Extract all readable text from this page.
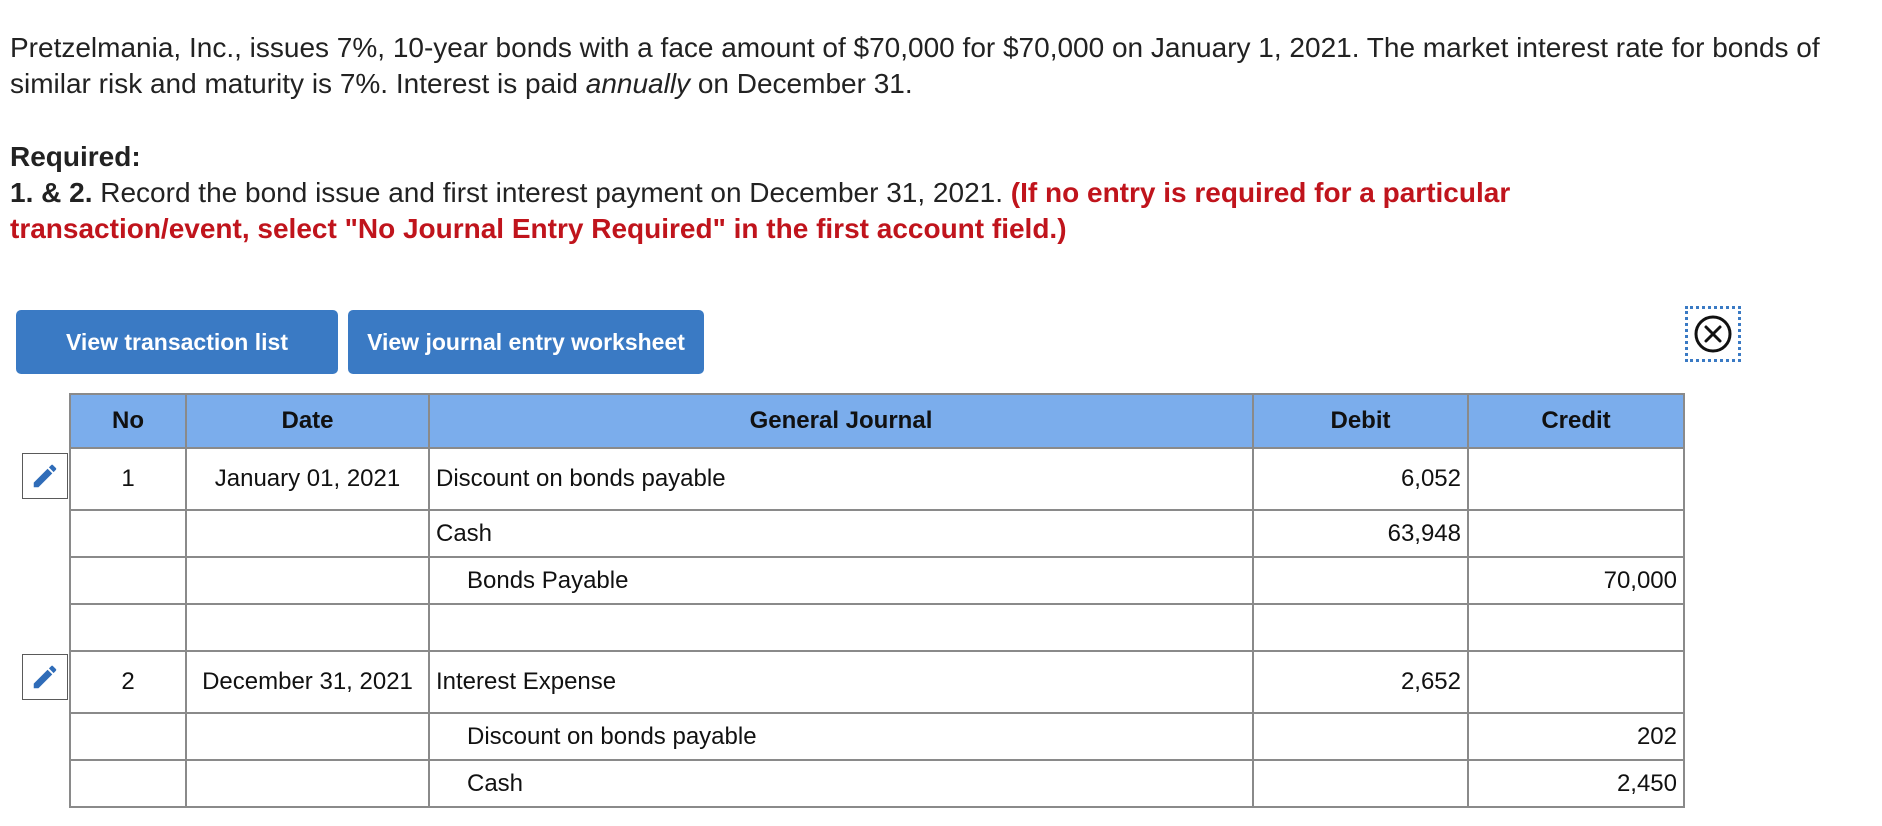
Pretzelmania, Inc., issues 7%, 10-year bonds with a face amount of $70,000 for $70,000 on January 1, 2021. The market interest rate for bonds of similar risk and maturity is 7%. Interest is paid annually on December 31.

Required:

1. & 2. Record the bond issue and first interest payment on December 31, 2021. (If no entry is required for a particular transaction/event, select "No Journal Entry Required" in the first account field.)

View transaction list	View journal entry worksheet
No	Date	General Journal	Debit	Credit
1	January 01, 2021	Discount on bonds payable	6,052	
		Cash	63,948	
		Bonds Payable		70,000

2	December 31, 2021	Interest Expense	2,652	
		Discount on bonds payable		202
		Cash		2,450
